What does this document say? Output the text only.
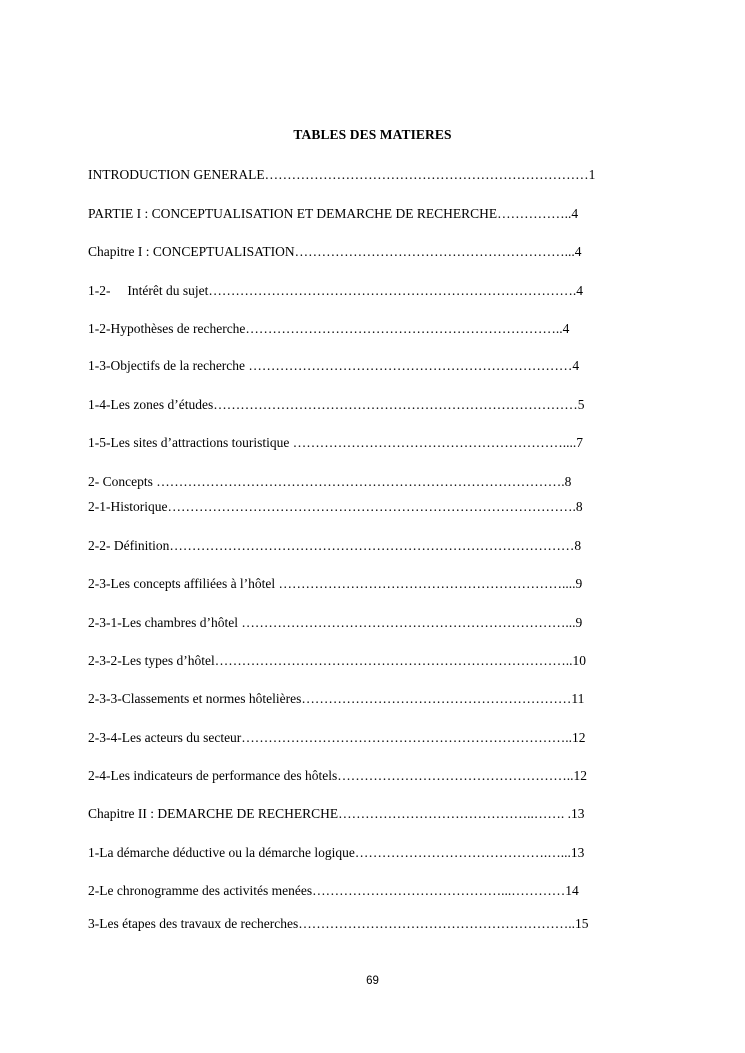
TABLES DES MATIERES
INTRODUCTION GENERALE………………………………………………………………1
PARTIE I : CONCEPTUALISATION ET DEMARCHE DE RECHERCHE……………..4
Chapitre I : CONCEPTUALISATION……………………………………………………...4
1-2-     Intérêt du sujet……………………………………………………………………….4
1-2-Hypothèses de recherche……………………………………………………………..4
1-3-Objectifs de la recherche ………………………………………………………………4
1-4-Les zones d’études………………………………………………………………………5
1-5-Les sites d’attractions touristique ……………………………………………………....7
2- Concepts ……………………………………………………………………………….8
2-1-Historique……………………………………………………………………………….8
2-2- Définition………………………………………………………………………………8
2-3-Les concepts affiliées à l’hôtel ………………………………………………………....9
2-3-1-Les chambres d’hôtel ………………………………………………………………...9
2-3-2-Les types d’hôtel……………………………………………………………………..10
2-3-3-Classements et normes hôtelières……………………………………………………11
2-3-4-Les acteurs du secteur………………………………………………………………..12
2-4-Les indicateurs de performance des hôtels……………………………………………..12
Chapitre II : DEMARCHE DE RECHERCHE……………………………………..……. .13
1-La démarche déductive ou la démarche logique…………………………………….…...13
2-Le chronogramme des activités menées……………………………………...…………14
3-Les étapes des travaux de recherches……………………………………………………..15
69
